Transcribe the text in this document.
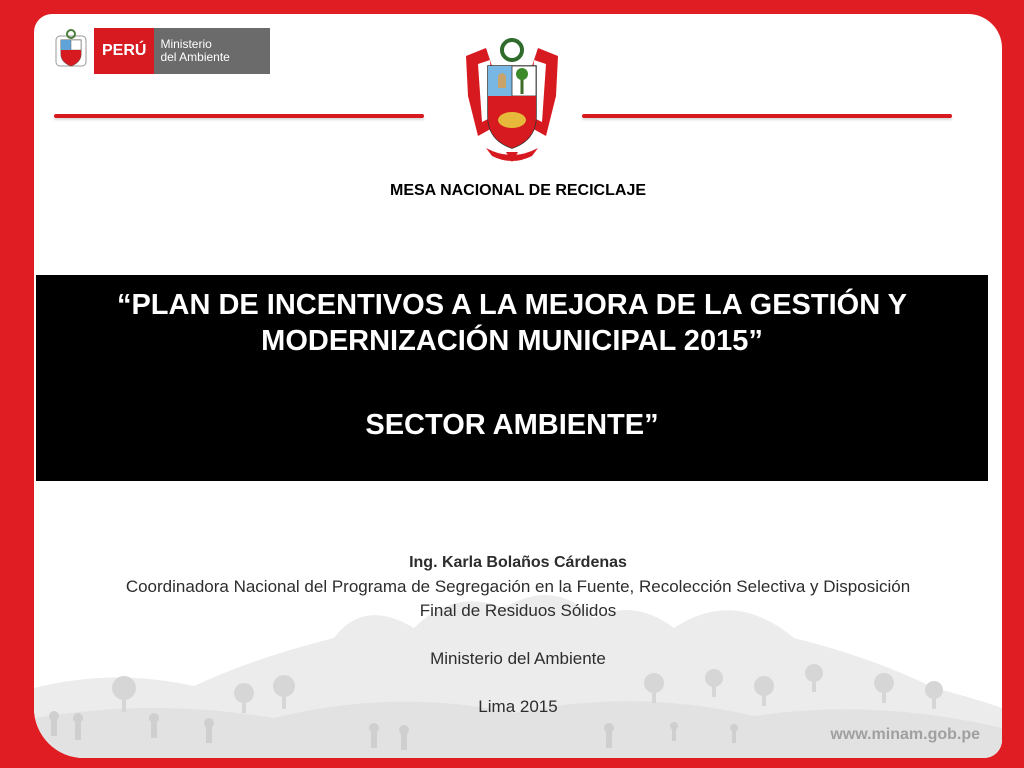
PERÚ	Ministerio
del Ambiente
MESA NACIONAL DE RECICLAJE
“PLAN DE INCENTIVOS A LA MEJORA DE LA GESTIÓN Y
MODERNIZACIÓN MUNICIPAL 2015”
SECTOR AMBIENTE”
Ing. Karla Bolaños Cárdenas
Coordinadora Nacional del Programa de Segregación en la Fuente, Recolección Selectiva y Disposición
Final de Residuos Sólidos
Ministerio del Ambiente
Lima 2015
www.minam.gob.pe
